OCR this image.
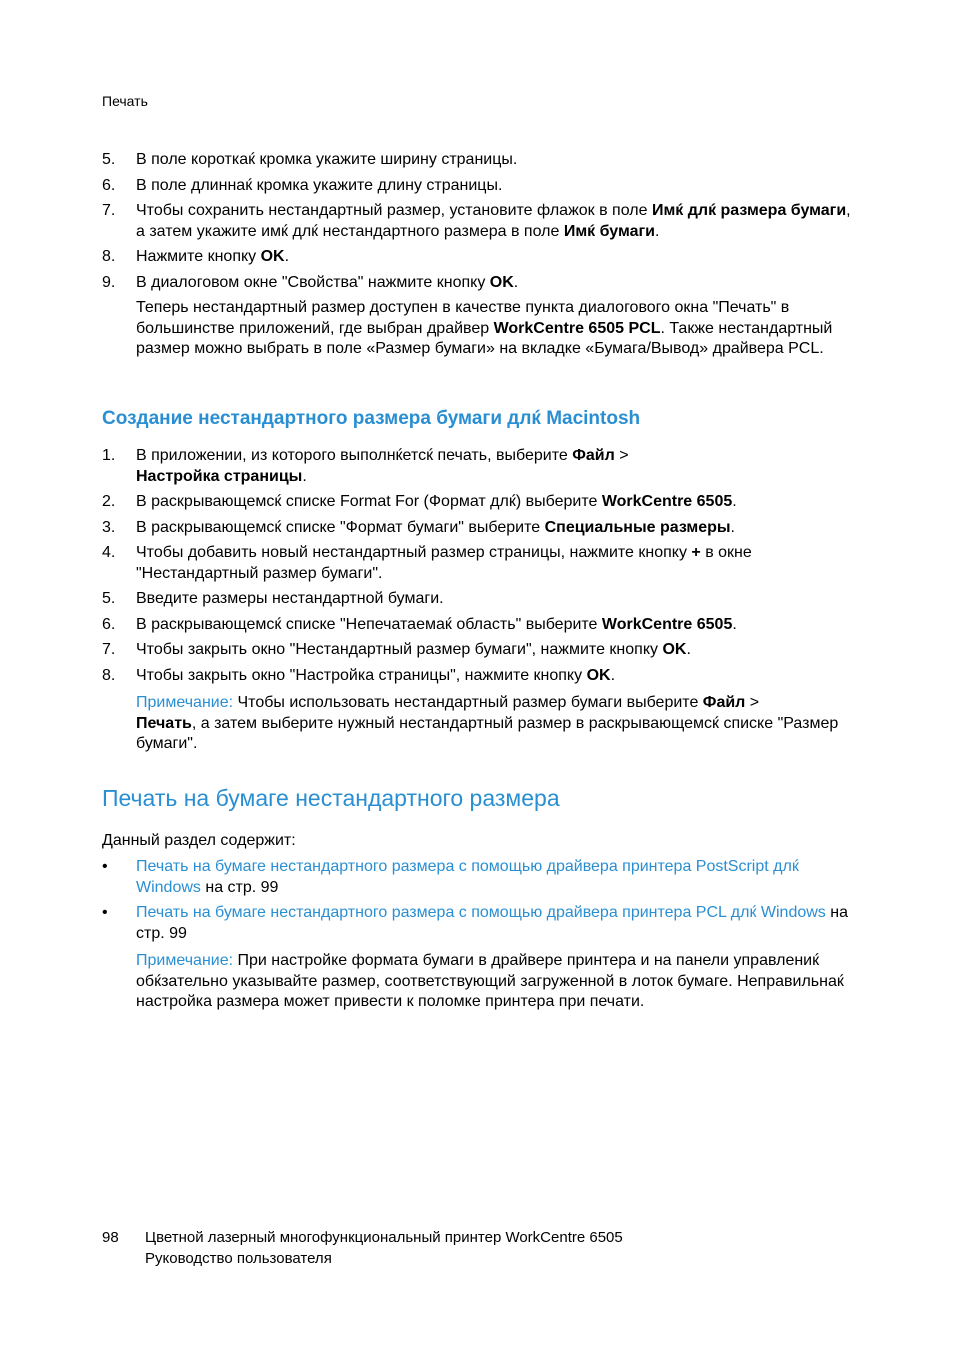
Печать
5.	В поле короткаќ кромка укажите ширину страницы.
6.	В поле длиннаќ кромка укажите длину страницы.
7.	Чтобы сохранить нестандартный размер, установите флажок в поле Имќ длќ размера бумаги, а затем укажите имќ длќ нестандартного размера в поле Имќ бумаги.
8.	Нажмите кнопку OK.
9.	В диалоговом окне "Свойства" нажмите кнопку OK.
Теперь нестандартный размер доступен в качестве пункта диалогового окна "Печать" в большинстве приложений, где выбран драйвер WorkCentre 6505 PCL. Также нестандартный размер можно выбрать в поле «Размер бумаги» на вкладке «Бумага/Вывод» драйвера PCL.
Создание нестандартного размера бумаги длќ Macintosh
1.	В приложении, из которого выполнќетсќ печать, выберите Файл >
Настройка страницы.
2.	В раскрывающемсќ списке Format For (Формат длќ) выберите WorkCentre 6505.
3.	В раскрывающемсќ списке "Формат бумаги" выберите Специальные размеры.
4.	Чтобы добавить новый нестандартный размер страницы, нажмите кнопку + в окне "Нестандартный размер бумаги".
5.	Введите размеры нестандартной бумаги.
6.	В раскрывающемсќ списке "Непечатаемаќ область" выберите WorkCentre 6505.
7.	Чтобы закрыть окно "Нестандартный размер бумаги", нажмите кнопку OK.
8.	Чтобы закрыть окно "Настройка страницы", нажмите кнопку OK.
Примечание: Чтобы использовать нестандартный размер бумаги выберите Файл >
Печать, а затем выберите нужный нестандартный размер в раскрывающемсќ списке "Размер бумаги".
Печать на бумаге нестандартного размера
Данный раздел содержит:
•	Печать на бумаге нестандартного размера с помощью драйвера принтера PostScript длќ Windows на стр. 99
•	Печать на бумаге нестандартного размера с помощью драйвера принтера PCL длќ Windows на стр. 99
Примечание: При настройке формата бумаги в драйвере принтера и на панели управлениќ обќзательно указывайте размер, соответствующий загруженной в лоток бумаге. Неправильнаќ настройка размера может привести к поломке принтера при печати.
98	Цветной лазерный многофункциональный принтер WorkCentre 6505
Руководство пользователя
